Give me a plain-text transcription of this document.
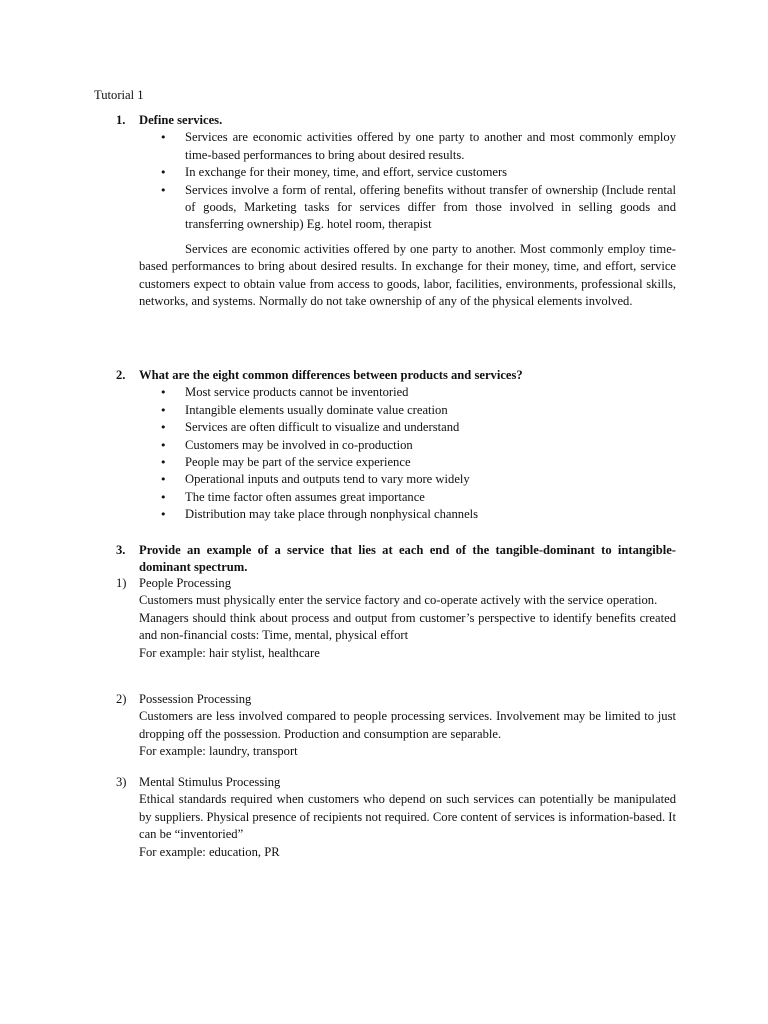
Tutorial 1
1.	Define services.
• Services are economic activities offered by one party to another and most commonly employ time-based performances to bring about desired results.
• In exchange for their money, time, and effort, service customers
• Services involve a form of rental, offering benefits without transfer of ownership (Include rental of goods, Marketing tasks for services differ from those involved in selling goods and transferring ownership) Eg. hotel room, therapist
Services are economic activities offered by one party to another. Most commonly employ time-based performances to bring about desired results. In exchange for their money, time, and effort, service customers expect to obtain value from access to goods, labor, facilities, environments, professional skills, networks, and systems. Normally do not take ownership of any of the physical elements involved.
2.	What are the eight common differences between products and services?
• Most service products cannot be inventoried
• Intangible elements usually dominate value creation
• Services are often difficult to visualize and understand
• Customers may be involved in co-production
• People may be part of the service experience
• Operational inputs and outputs tend to vary more widely
• The time factor often assumes great importance
• Distribution may take place through nonphysical channels
3.	Provide an example of a service that lies at each end of the tangible-dominant to intangible-dominant spectrum.
1) People Processing

Customers must physically enter the service factory and co-operate actively with the service operation.

Managers should think about process and output from customer’s perspective to identify benefits created and non-financial costs: Time, mental, physical effort

For example: hair stylist, healthcare

2) Possession Processing

Customers are less involved compared to people processing services. Involvement may be limited to just dropping off the possession. Production and consumption are separable.

For example: laundry, transport

3) Mental Stimulus Processing

Ethical standards required when customers who depend on such services can potentially be manipulated by suppliers. Physical presence of recipients not required. Core content of services is information-based. It can be “inventoried”

For example: education, PR
